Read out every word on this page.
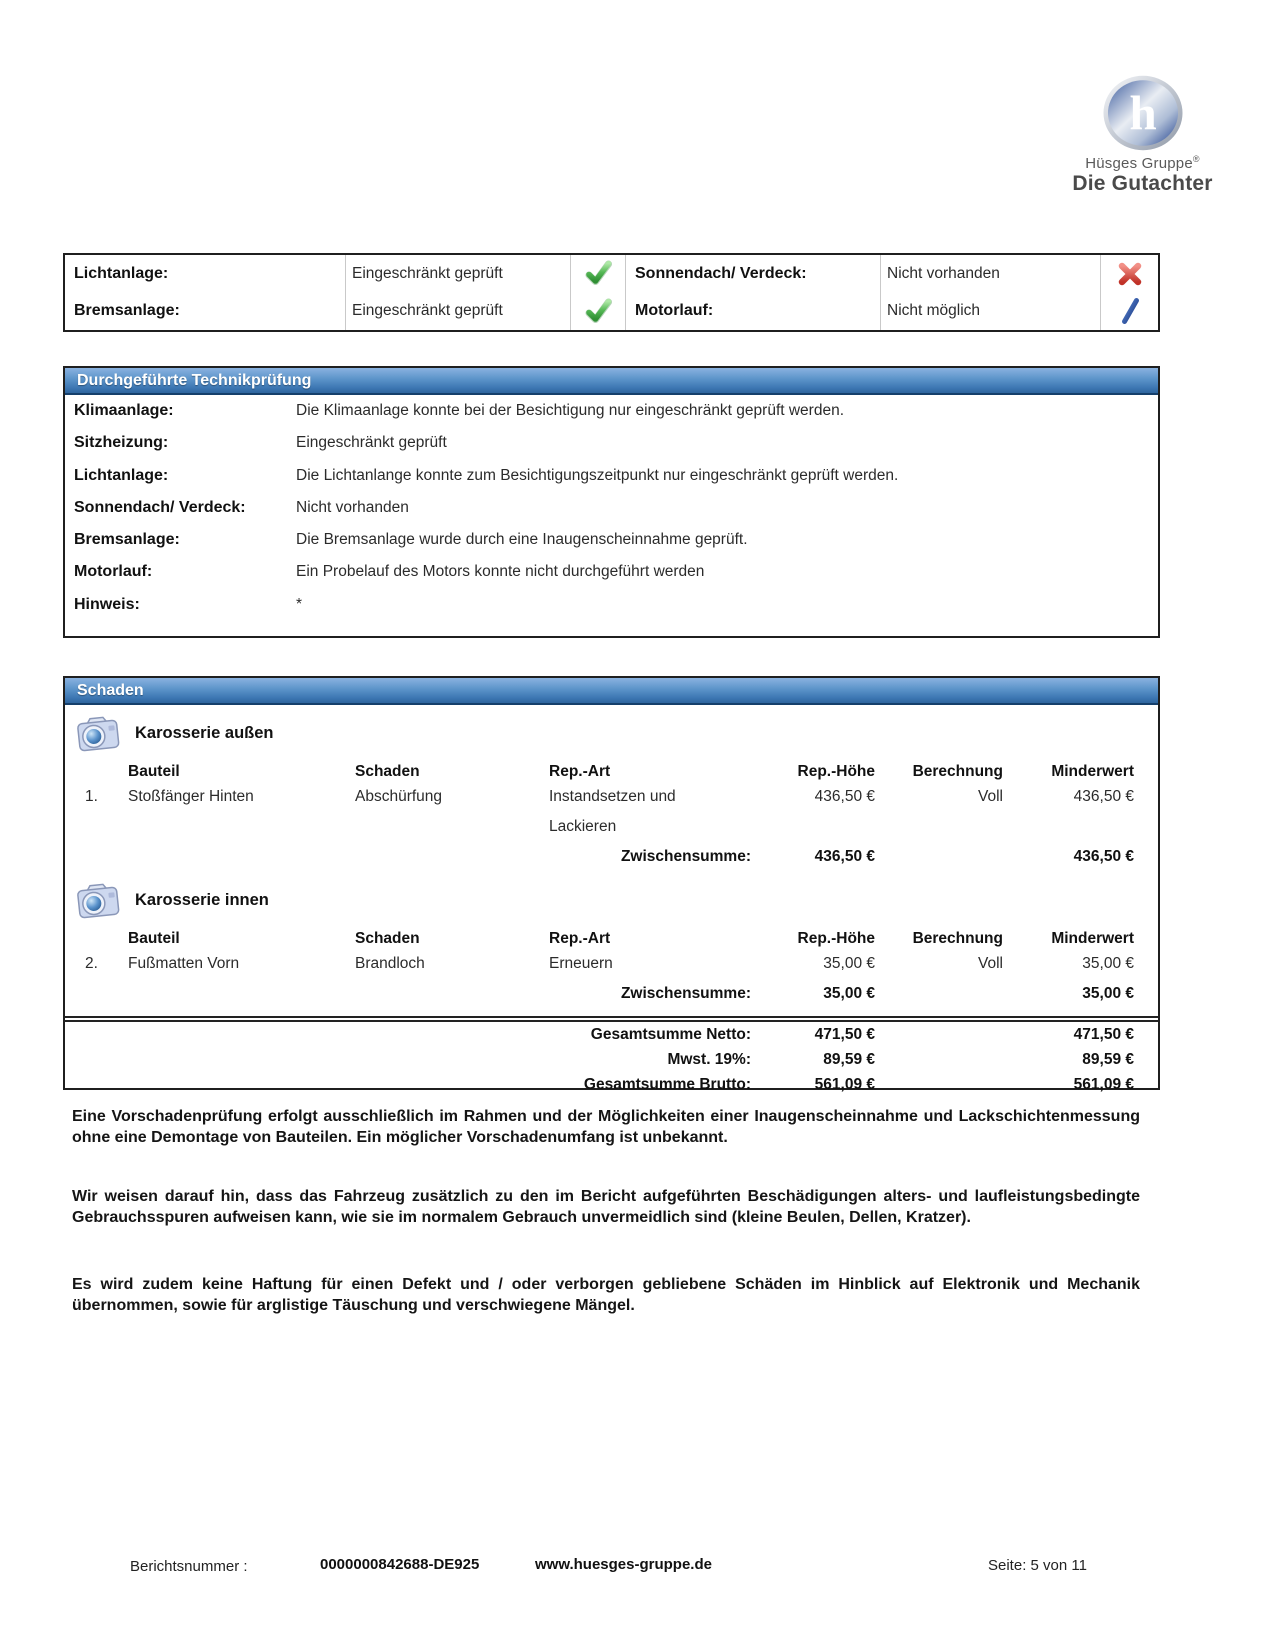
h
Hüsges Gruppe®
Die Gutachter
Lichtanlage:	Eingeschränkt geprüft	Sonnendach/ Verdeck:	Nicht vorhanden
Bremsanlage:	Eingeschränkt geprüft	Motorlauf:	Nicht möglich
Durchgeführte Technikprüfung
Klimaanlage:	Die Klimaanlage konnte bei der Besichtigung nur eingeschränkt geprüft werden.
Sitzheizung:	Eingeschränkt geprüft
Lichtanlage:	Die Lichtanlange konnte zum Besichtigungszeitpunkt nur eingeschränkt geprüft werden.
Sonnendach/ Verdeck:	Nicht vorhanden
Bremsanlage:	Die Bremsanlage wurde durch eine Inaugenscheinnahme geprüft.
Motorlauf:	Ein Probelauf des Motors konnte nicht durchgeführt werden
Hinweis:	*
Schaden
Karosserie außen
Bauteil	Schaden	Rep.-Art	Rep.-Höhe	Berechnung	Minderwert
1.	Stoßfänger Hinten	Abschürfung	Instandsetzen und	436,50 €	Voll	436,50 €
Lackieren
Zwischensumme:	436,50 €	436,50 €
Karosserie innen
Bauteil	Schaden	Rep.-Art	Rep.-Höhe	Berechnung	Minderwert
2.	Fußmatten Vorn	Brandloch	Erneuern	35,00 €	Voll	35,00 €
Zwischensumme:	35,00 €	35,00 €
Gesamtsumme Netto:	471,50 €	471,50 €
Mwst. 19%:	89,59 €	89,59 €
Gesamtsumme Brutto:	561,09 €	561,09 €

Eine Vorschadenprüfung erfolgt ausschließlich im Rahmen und der Möglichkeiten einer Inaugenscheinnahme und Lackschichtenmessung ohne eine Demontage von Bauteilen. Ein möglicher Vorschadenumfang ist unbekannt.

Wir weisen darauf hin, dass das Fahrzeug zusätzlich zu den im Bericht aufgeführten Beschädigungen alters- und laufleistungsbedingte Gebrauchsspuren aufweisen kann, wie sie im normalem Gebrauch unvermeidlich sind (kleine Beulen, Dellen, Kratzer).

Es wird zudem keine Haftung für einen Defekt und / oder verborgen gebliebene Schäden im Hinblick auf Elektronik und Mechanik übernommen, sowie für arglistige Täuschung und verschwiegene Mängel.

Berichtsnummer :	0000000842688-DE925	www.huesges-gruppe.de	Seite: 5 von 11
